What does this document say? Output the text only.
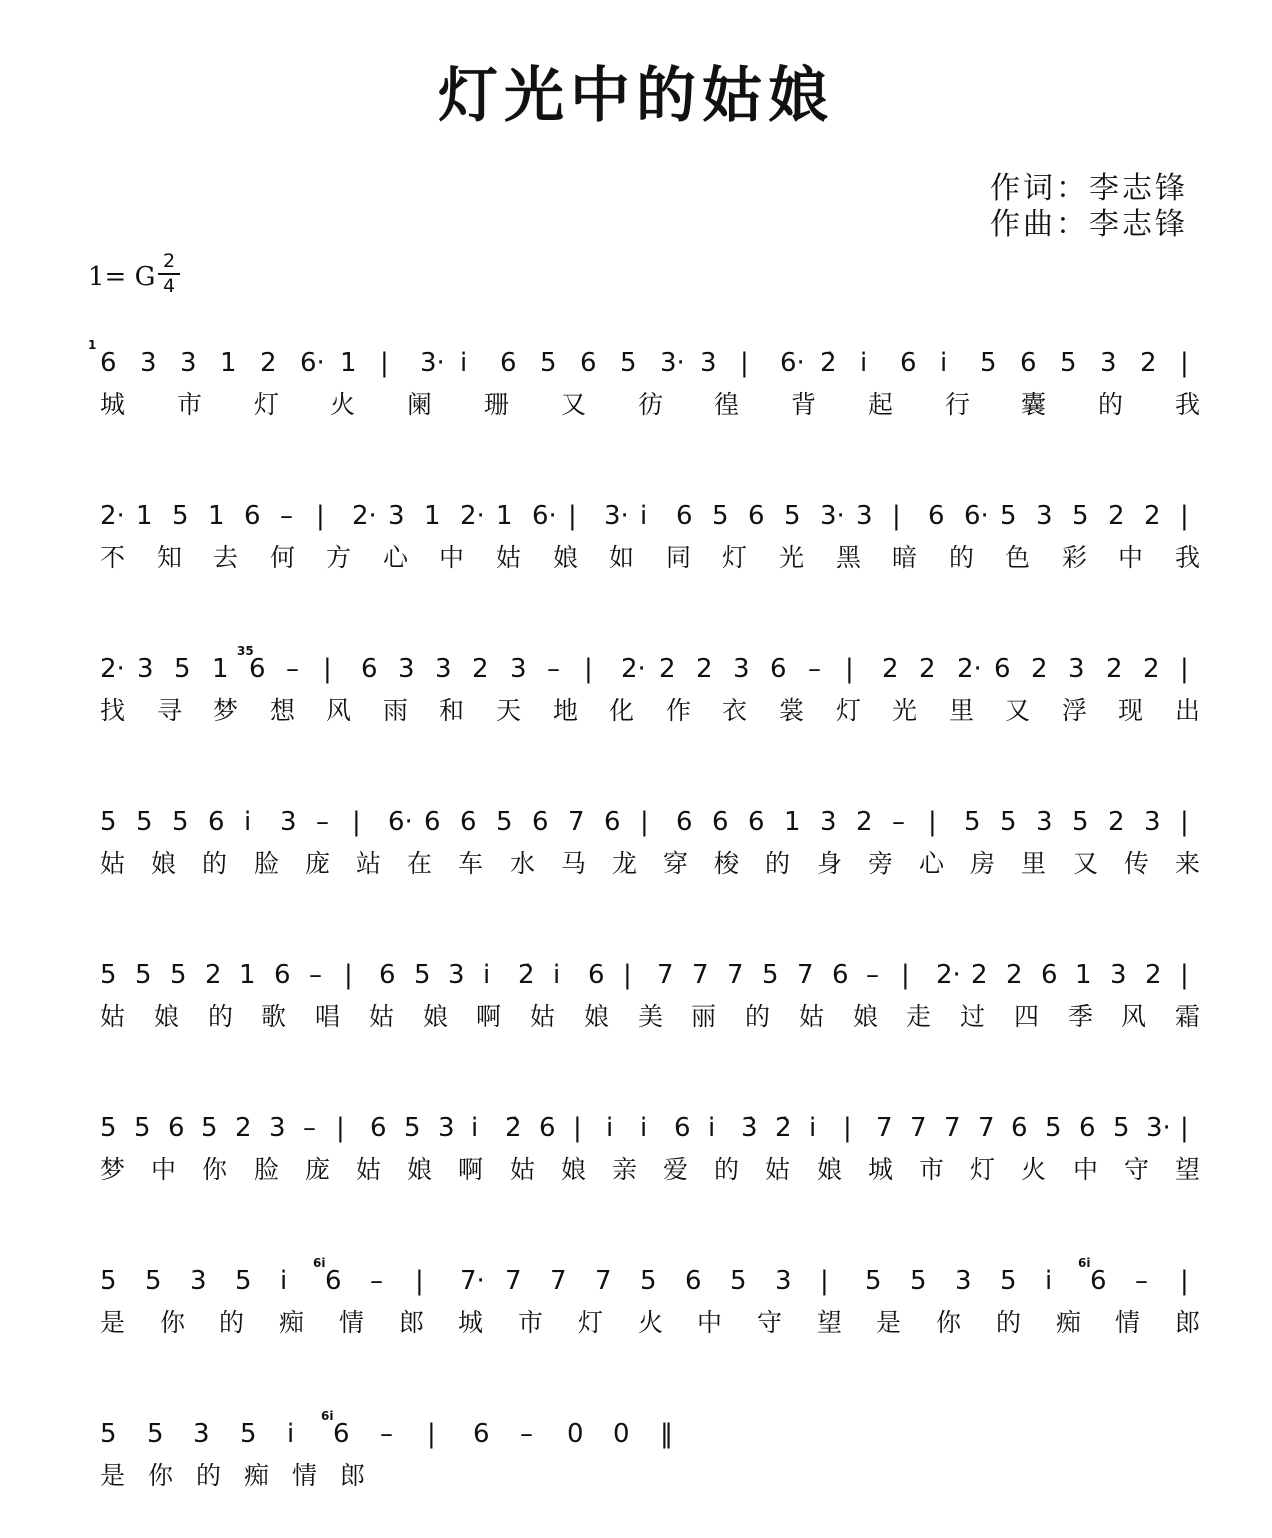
灯光中的姑娘
作词：李志锋
作曲：李志锋
1= G
2
4
6 3 3 1 2 6· 1 | 3· i̇ 6 5 6 5 3· 3 | 6· 2̇ i̇ 6 i̇ 5 6 5 3 2 |
1
城 市 灯 火 阑 珊 又 彷 徨 背 起 行 囊 的 我
2· 1 5 1 6 – | 2· 3 1 2· 1 6· | 3· i̇ 6 5 6 5 3· 3 | 6 6· 5 3 5 2 2 |
不 知 去 何 方 心 中 姑 娘 如 同 灯 光 黑 暗 的 色 彩 中 我
2· 3 5 1 6 – | 6 3 3 2 3 – | 2· 2 2 3 6 – | 2 2 2· 6 2 3 2 2 |
35
找 寻 梦 想 风 雨 和 天 地 化 作 衣 裳 灯 光 里 又 浮 现 出
5 5 5 6 i̇ 3 – | 6· 6 6 5 6 7 6 | 6 6 6 1 3 2 – | 5 5 3 5 2 3 |
姑 娘 的 脸 庞 站 在 车 水 马 龙 穿 梭 的 身 旁 心 房 里 又 传 来
5 5 5 2 1 6 – | 6 5 3 i̇ 2̇ i̇ 6 | 7 7 7 5 7 6 – | 2· 2 2 6 1 3 2 |
姑 娘 的 歌 唱 姑 娘 啊 姑 娘 美 丽 的 姑 娘 走 过 四 季 风 霜
5 5 6 5 2 3 – | 6 5 3 i̇ 2̇ 6 | i̇ i̇ 6 i̇ 3̇ 2̇ i̇ | 7 7 7 7 6 5 6 5 3· |
梦 中 你 脸 庞 姑 娘 啊 姑 娘 亲 爱 的 姑 娘 城 市 灯 火 中 守 望
5 5 3 5 i̇ 6 – | 7· 7 7 7 5 6 5 3 | 5 5 3 5 i̇ 6 – |
6i	6i
是 你 的 痴 情 郎 城 市 灯 火 中 守 望 是 你 的 痴 情 郎
5 5 3 5 i̇ 6 – | 6 – 0 0 ‖
6i
是 你 的 痴 情 郎
